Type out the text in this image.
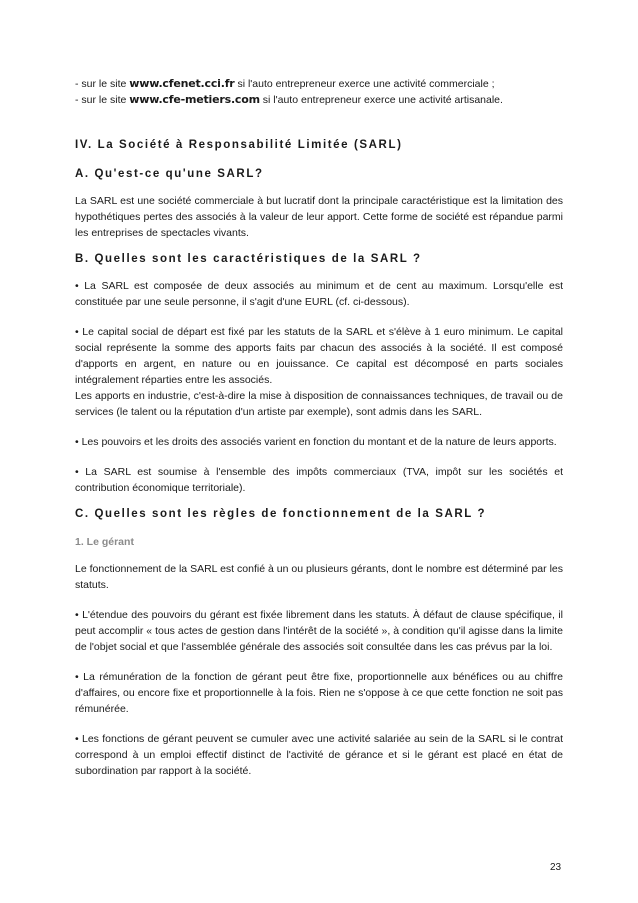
- sur le site www.cfenet.cci.fr si l'auto entrepreneur exerce une activité commerciale ;
- sur le site www.cfe-metiers.com si l'auto entrepreneur exerce une activité artisanale.
IV. La Société à Responsabilité Limitée (SARL)
A. Qu'est-ce qu'une SARL?
La SARL est une société commerciale à but lucratif dont la principale caractéristique est la limitation des hypothétiques pertes des associés à la valeur de leur apport. Cette forme de société est répandue parmi les entreprises de spectacles vivants.
B. Quelles sont les caractéristiques de la SARL ?
• La SARL est composée de deux associés au minimum et de cent au maximum. Lorsqu'elle est constituée par une seule personne, il s'agit d'une EURL (cf. ci-dessous).
• Le capital social de départ est fixé par les statuts de la SARL et s'élève à 1 euro minimum. Le capital social représente la somme des apports faits par chacun des associés à la société. Il est composé d'apports en argent, en nature ou en jouissance. Ce capital est décomposé en parts sociales intégralement réparties entre les associés.
Les apports en industrie, c'est-à-dire la mise à disposition de connaissances techniques, de travail ou de services (le talent ou la réputation d'un artiste par exemple), sont admis dans les SARL.
• Les pouvoirs et les droits des associés varient en fonction du montant et de la nature de leurs apports.
• La SARL est soumise à l'ensemble des impôts commerciaux (TVA, impôt sur les sociétés et contribution économique territoriale).
C. Quelles sont les règles de fonctionnement de la SARL ?
1. Le gérant
Le fonctionnement de la SARL est confié à un ou plusieurs gérants, dont le nombre est déterminé par les statuts.
• L'étendue des pouvoirs du gérant est fixée librement dans les statuts. À défaut de clause spécifique, il peut accomplir « tous actes de gestion dans l'intérêt de la société », à condition qu'il agisse dans la limite de l'objet social et que l'assemblée générale des associés soit consultée dans les cas prévus par la loi.
• La rémunération de la fonction de gérant peut être fixe, proportionnelle aux bénéfices ou au chiffre d'affaires, ou encore fixe et proportionnelle à la fois. Rien ne s'oppose à ce que cette fonction ne soit pas rémunérée.
• Les fonctions de gérant peuvent se cumuler avec une activité salariée au sein de la SARL si le contrat correspond à un emploi effectif distinct de l'activité de gérance et si le gérant est placé en état de subordination par rapport à la société.
23
